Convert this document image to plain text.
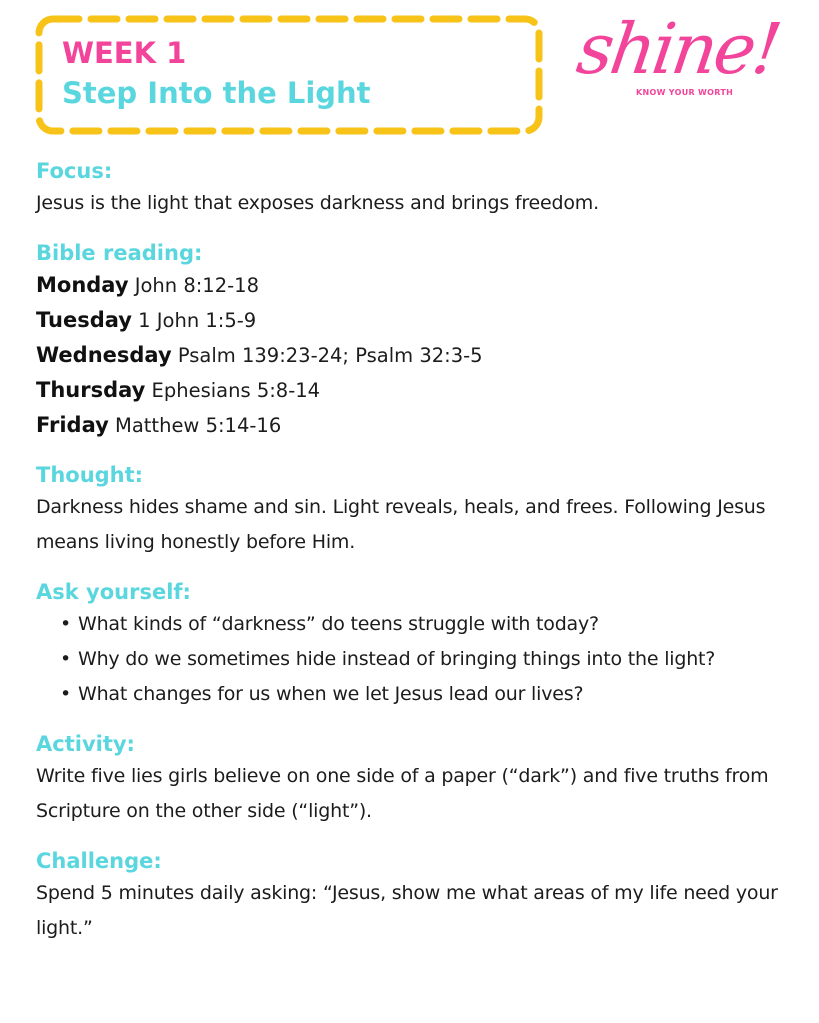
WEEK 1
Step Into the Light
shine!
KNOW YOUR WORTH

Focus:

Jesus is the light that exposes darkness and brings freedom.

Bible reading:

Monday John 8:12-18

Tuesday 1 John 1:5-9

Wednesday Psalm 139:23-24; Psalm 32:3-5

Thursday Ephesians 5:8-14

Friday Matthew 5:14-16

Thought:

Darkness hides shame and sin. Light reveals, heals, and frees. Following Jesus means living honestly before Him.

Ask yourself:

• What kinds of “darkness” do teens struggle with today?
• Why do we sometimes hide instead of bringing things into the light?
• What changes for us when we let Jesus lead our lives?

Activity:

Write five lies girls believe on one side of a paper (“dark”) and five truths from Scripture on the other side (“light”).

Challenge:

Spend 5 minutes daily asking: “Jesus, show me what areas of my life need your light.”
